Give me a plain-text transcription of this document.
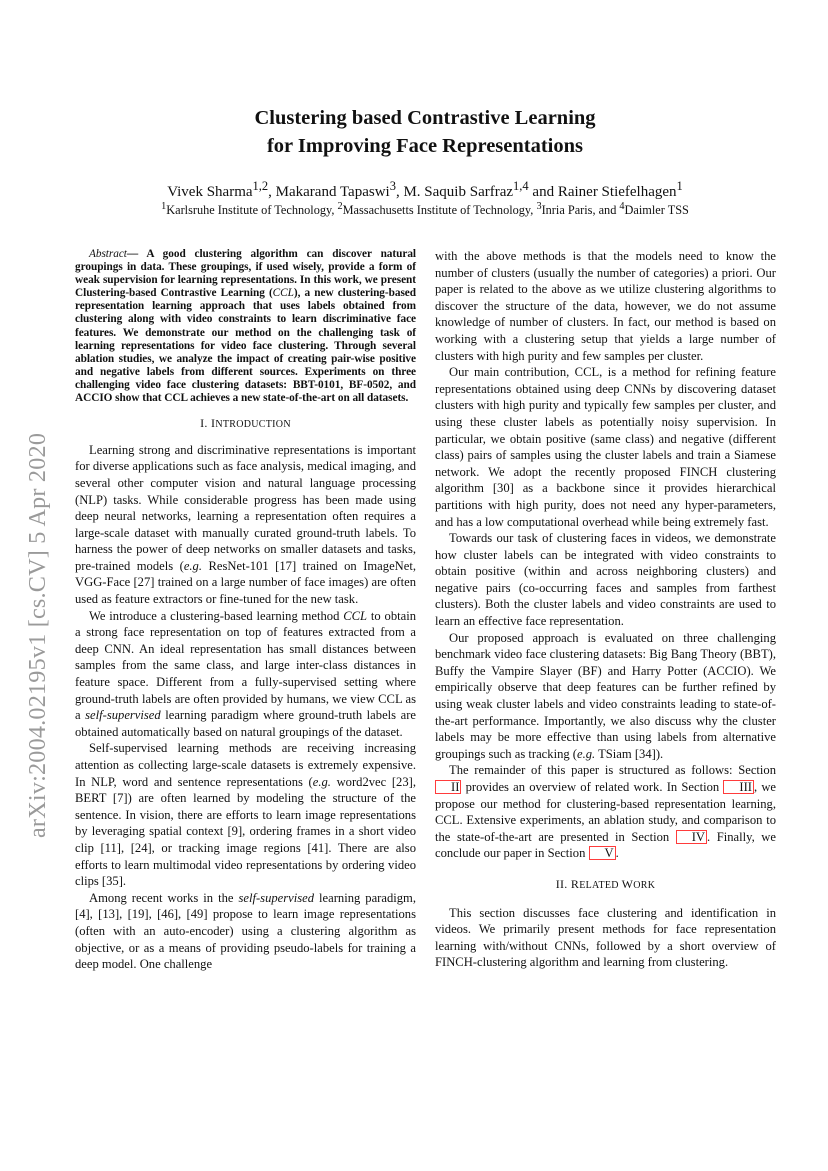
arXiv:2004.02195v1 [cs.CV] 5 Apr 2020
Clustering based Contrastive Learning
for Improving Face Representations
Vivek Sharma$^{1,2}$, Makarand Tapaswi$^3$, M. Saquib Sarfraz$^{1,4}$ and Rainer Stiefelhagen$^1$
$^1$Karlsruhe Institute of Technology, $^2$Massachusetts Institute of Technology, $^3$Inria Paris, and $^4$Daimler TSS

Abstract— A good clustering algorithm can discover natural groupings in data. These groupings, if used wisely, provide a form of weak supervision for learning representations. In this work, we present Clustering-based Contrastive Learning (CCL), a new clustering-based representation learning approach that uses labels obtained from clustering along with video constraints to learn discriminative face features. We demonstrate our method on the challenging task of learning representations for video face clustering. Through several ablation studies, we analyze the impact of creating pair-wise positive and negative labels from different sources. Experiments on three challenging video face clustering datasets: BBT-0101, BF-0502, and ACCIO show that CCL achieves a new state-of-the-art on all datasets.

I. INTRODUCTION

Learning strong and discriminative representations is important for diverse applications such as face analysis, medical imaging, and several other computer vision and natural language processing (NLP) tasks. While considerable progress has been made using deep neural networks, learning a representation often requires a large-scale dataset with manually curated ground-truth labels. To harness the power of deep networks on smaller datasets and tasks, pre-trained models (e.g. ResNet-101 [17] trained on ImageNet, VGG-Face [27] trained on a large number of face images) are often used as feature extractors or fine-tuned for the new task.

We introduce a clustering-based learning method CCL to obtain a strong face representation on top of features extracted from a deep CNN. An ideal representation has small distances between samples from the same class, and large inter-class distances in feature space. Different from a fully-supervised setting where ground-truth labels are often provided by humans, we view CCL as a self-supervised learning paradigm where ground-truth labels are obtained automatically based on natural groupings of the dataset.

Self-supervised learning methods are receiving increasing attention as collecting large-scale datasets is extremely expensive. In NLP, word and sentence representations (e.g. word2vec [23], BERT [7]) are often learned by modeling the structure of the sentence. In vision, there are efforts to learn image representations by leveraging spatial context [9], ordering frames in a short video clip [11], [24], or tracking image regions [41]. There are also efforts to learn multimodal video representations by ordering video clips [35].

Among recent works in the self-supervised learning paradigm, [4], [13], [19], [46], [49] propose to learn image representations (often with an auto-encoder) using a clustering algorithm as objective, or as a means of providing pseudo-labels for training a deep model. One challenge

with the above methods is that the models need to know the number of clusters (usually the number of categories) a priori. Our paper is related to the above as we utilize clustering algorithms to discover the structure of the data, however, we do not assume knowledge of number of clusters. In fact, our method is based on working with a clustering setup that yields a large number of clusters with high purity and few samples per cluster.

Our main contribution, CCL, is a method for refining feature representations obtained using deep CNNs by discovering dataset clusters with high purity and typically few samples per cluster, and using these cluster labels as potentially noisy supervision. In particular, we obtain positive (same class) and negative (different class) pairs of samples using the cluster labels and train a Siamese network. We adopt the recently proposed FINCH clustering algorithm [30] as a backbone since it provides hierarchical partitions with high purity, does not need any hyper-parameters, and has a low computational overhead while being extremely fast.

Towards our task of clustering faces in videos, we demonstrate how cluster labels can be integrated with video constraints to obtain positive (within and across neighboring clusters) and negative pairs (co-occurring faces and samples from farthest clusters). Both the cluster labels and video constraints are used to learn an effective face representation.

Our proposed approach is evaluated on three challenging benchmark video face clustering datasets: Big Bang Theory (BBT), Buffy the Vampire Slayer (BF) and Harry Potter (ACCIO). We empirically observe that deep features can be further refined by using weak cluster labels and video constraints leading to state-of-the-art performance. Importantly, we also discuss why the cluster labels may be more effective than using labels from alternative groupings such as tracking (e.g. TSiam [34]).

The remainder of this paper is structured as follows: Section II provides an overview of related work. In Section III , we propose our method for clustering-based representation learning, CCL. Extensive experiments, an ablation study, and comparison to the state-of-the-art are presented in Section IV . Finally, we conclude our paper in Section V .

II. RELATED WORK

This section discusses face clustering and identification in videos. We primarily present methods for face representation learning with/without CNNs, followed by a short overview of FINCH-clustering algorithm and learning from clustering.
